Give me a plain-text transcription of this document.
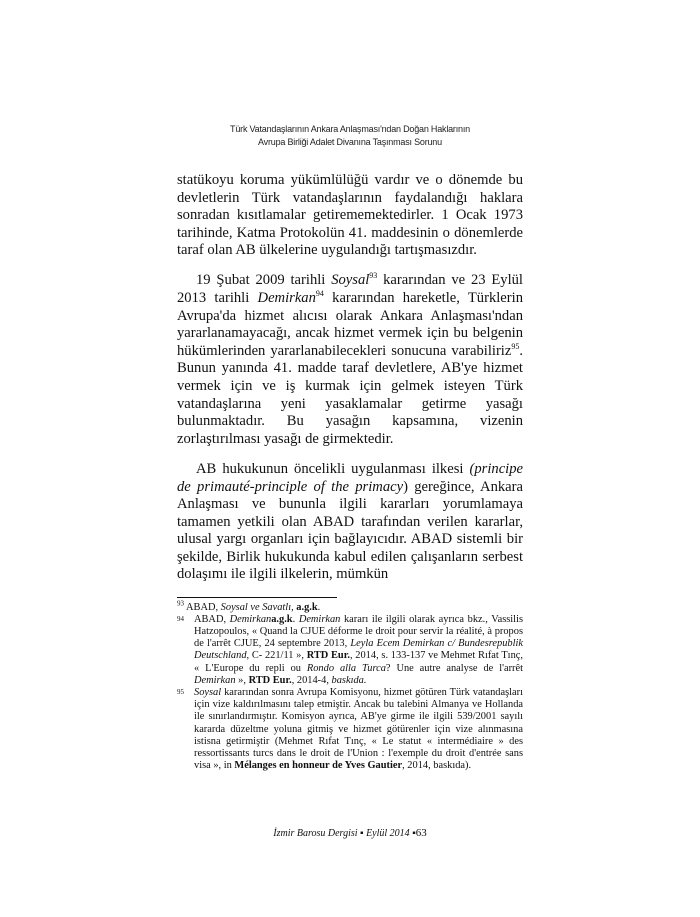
Türk Vatandaşlarının Ankara Anlaşması'ndan Doğan Haklarının
Avrupa Birliği Adalet Divanına Taşınması Sorunu

statükoyu koruma yükümlülüğü vardır ve o dönemde bu devletlerin Türk vatandaşlarının faydalandığı haklara sonradan kısıtlamalar getirememektedirler. 1 Ocak 1973 tarihinde, Katma Protokolün 41. maddesinin o dönemlerde taraf olan AB ülkelerine uygulandığı tartışmasızdır.

19 Şubat 2009 tarihli Soysal$^{93}$ kararından ve 23 Eylül 2013 tarihli Demirkan$^{94}$ kararından hareketle, Türklerin Avrupa'da hizmet alıcısı olarak Ankara Anlaşması'ndan yararlanamayacağı, ancak hizmet vermek için bu belgenin hükümlerinden yararlanabilecekleri sonucuna varabiliriz$^{95}$. Bunun yanında 41. madde taraf devletlere, AB'ye hizmet vermek için ve iş kurmak için gelmek isteyen Türk vatandaşlarına yeni yasaklamalar getirme yasağı bulunmaktadır. Bu yasağın kapsamına, vizenin zorlaştırılması yasağı de girmektedir.

AB hukukunun öncelikli uygulanması ilkesi (principe de primauté-principle of the primacy) gereğince, Ankara Anlaşması ve bununla ilgili kararları yorumlamaya tamamen yetkili olan ABAD tarafından verilen kararlar, ulusal yargı organları için bağlayıcıdır. ABAD sistemli bir şekilde, Birlik hukukunda kabul edilen çalışanların serbest dolaşımı ile ilgili ilkelerin, mümkün

$^{93}$ ABAD, Soysal ve Savatlı, a.g.k.
94 ABAD, Demirkana.g.k. Demirkan kararı ile ilgili olarak ayrıca bkz., Vassilis Hatzopoulos, « Quand la CJUE déforme le droit pour servir la réalité, à propos de l'arrêt CJUE, 24 septembre 2013, Leyla Ecem Demirkan c/ Bundesrepublik Deutschland, C- 221/11 », RTD Eur., 2014, s. 133-137 ve Mehmet Rıfat Tınç, « L'Europe du repli ou Rondo alla Turca? Une autre analyse de l'arrêt Demirkan », RTD Eur., 2014-4, baskıda.
95 Soysal kararından sonra Avrupa Komisyonu, hizmet götüren Türk vatandaşları için vize kaldırılmasını talep etmiştir. Ancak bu talebini Almanya ve Hollanda ile sınırlandırmıştır. Komisyon ayrıca, AB'ye girme ile ilgili 539/2001 sayılı kararda düzeltme yoluna gitmiş ve hizmet götürenler için vize alınmasına istisna getirmiştir (Mehmet Rıfat Tınç, « Le statut « intermédiaire » des ressortissants turcs dans le droit de l'Union : l'exemple du droit d'entrée sans visa », in Mélanges en honneur de Yves Gautier, 2014, baskıda).
İzmir Barosu Dergisi ▪ Eylül 2014 ▪63
